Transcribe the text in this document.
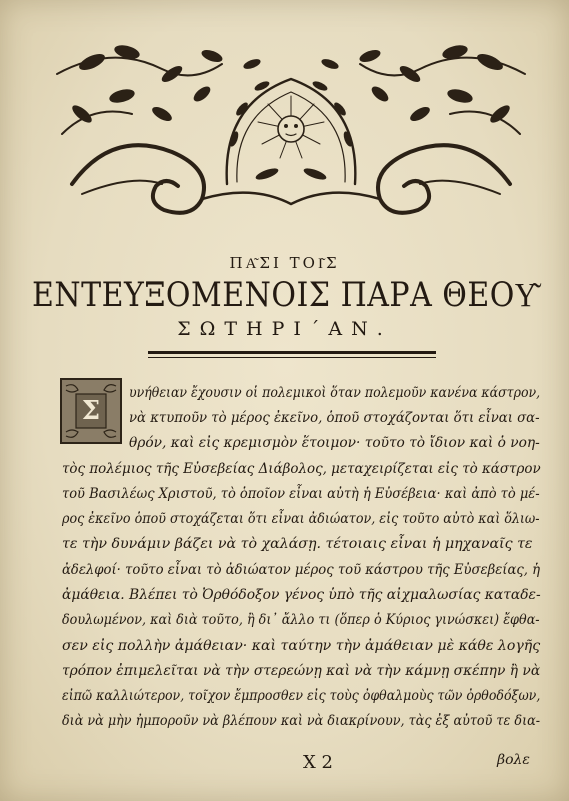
ΠΑ͂ΣΙ ΤΟΙ͂Σ
ΕΝΤΕΥΞΟΜΕΝΟΙΣ ΠΑΡΑ ΘΕΟΥ͂
ΣΩΤΗΡΙ΄ΑΝ.
Σ
υνήθειαν ἔχουσιν οἱ πολεμικοὶ ὅταν πολεμοῦν κανένα κάστρον,
νὰ κτυποῦν τὸ μέρος ἐκεῖνο, ὁποῦ στοχάζονται ὅτι εἶναι σα-
θρόν, καὶ εἰς κρεμισμὸν ἕτοιμον· τοῦτο τὸ ἴδιον καὶ ὁ νοη-
τὸς πολέμιος τῆς Εὐσεβείας Διάβολος, μεταχειρίζεται εἰς τὸ κάστρον
τοῦ Βασιλέως Χριστοῦ, τὸ ὁποῖον εἶναι αὐτὴ ἡ Εὐσέβεια· καὶ ἀπὸ τὸ μέ-
ρος ἐκεῖνο ὁποῦ στοχάζεται ὅτι εἶναι ἀδιώατον, εἰς τοῦτο αὐτὸ καὶ ὅλιω-
τε τὴν δυνάμιν βάζει νὰ τὸ χαλάσῃ. τέτοιαις εἶναι ἡ μηχαναῖς τε
ἀδελφοί· τοῦτο εἶναι τὸ ἀδιώατον μέρος τοῦ κάστρου τῆς Εὐσεβείας, ἡ
ἀμάθεια. Βλέπει τὸ Ὀρθόδοξον γένος ὑπὸ τῆς αἰχμαλωσίας καταδε-
δουλωμένον, καὶ διὰ τοῦτο, ἢ δι᾽ ἄλλο τι (ὅπερ ὁ Κύριος γινώσκει) ἔφθα-
σεν εἰς πολλὴν ἀμάθειαν· καὶ ταύτην τὴν ἀμάθειαν μὲ κάθε λογῆς
τρόπον ἐπιμελεῖται νὰ τὴν στερεώνῃ καὶ νὰ τὴν κάμνῃ σκέπην ἢ νὰ
εἰπῶ καλλιώτερον, τοῖχον ἔμπροσθεν εἰς τοὺς ὀφθαλμοὺς τῶν ὀρθοδόξων,
διὰ νὰ μὴν ἠμποροῦν νὰ βλέπουν καὶ νὰ διακρίνουν, τὰς ἐξ αὐτοῦ τε δια-
Χ 2	βολε
